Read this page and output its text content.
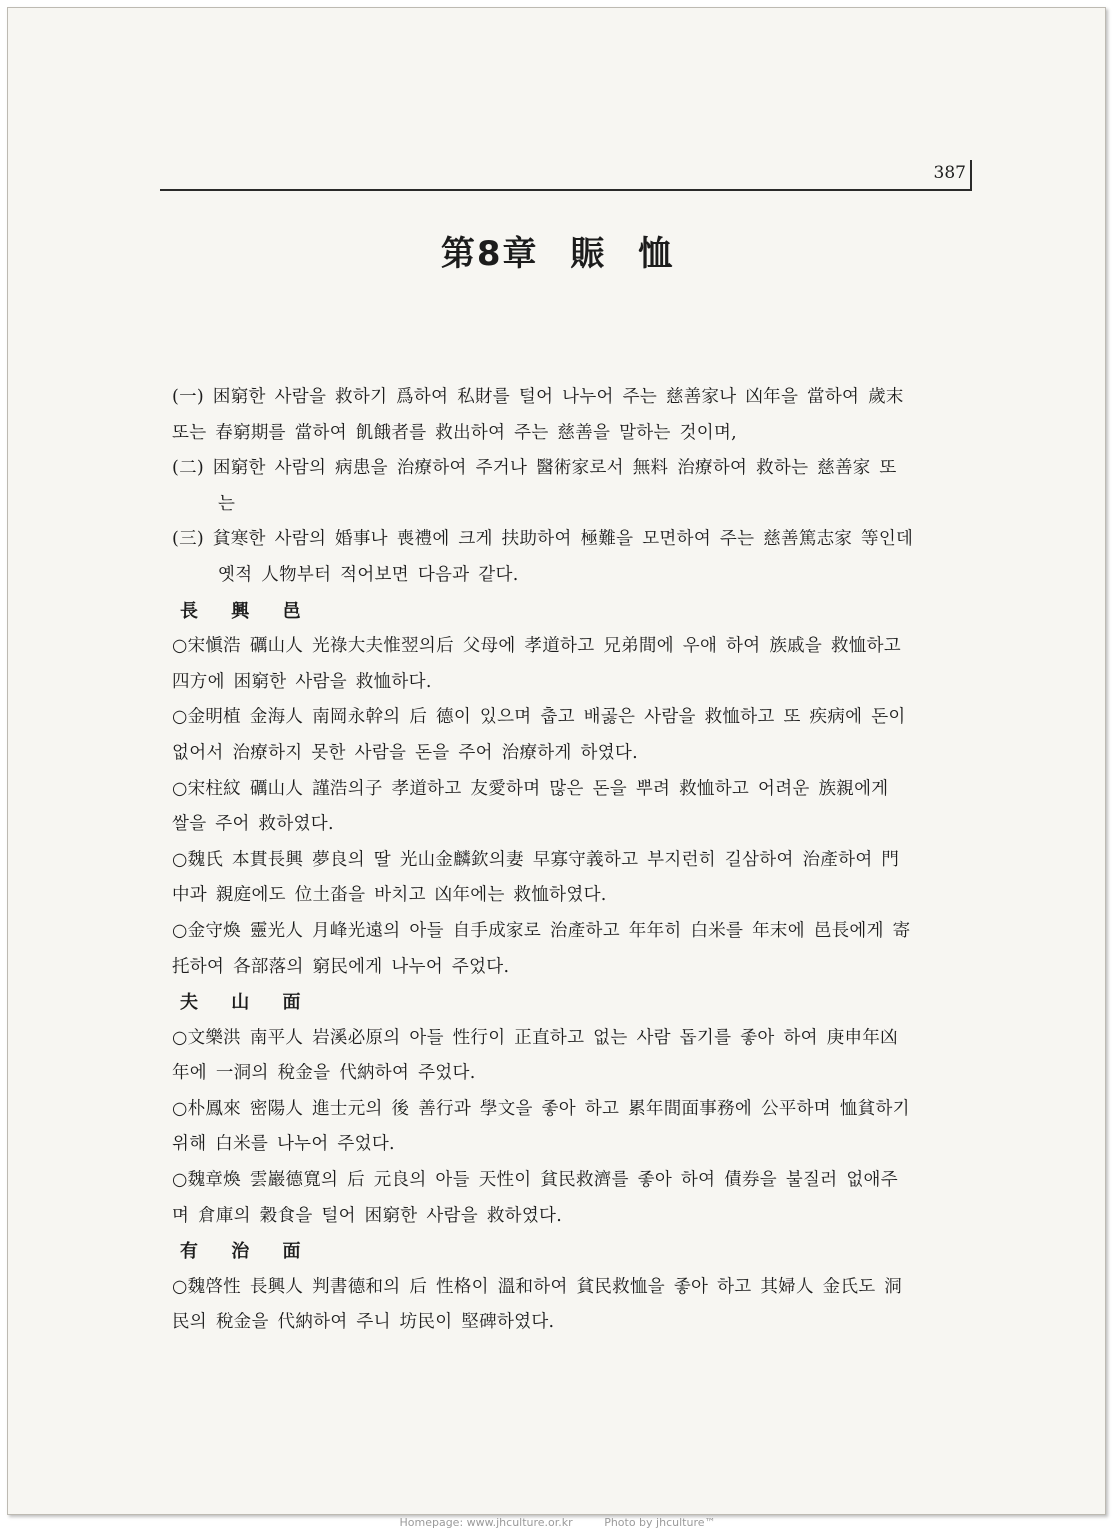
387
第8章 賑 恤
(一) 困窮한 사람을 救하기 爲하여 私財를 털어 나누어 주는 慈善家나 凶年을 當하여 歲末
또는 春窮期를 當하여 飢餓者를 救出하여 주는 慈善을 말하는 것이며,
(二) 困窮한 사람의 病患을 治療하여 주거나 醫術家로서 無料 治療하여 救하는 慈善家 또
는
(三) 貧寒한 사람의 婚事나 喪禮에 크게 扶助하여 極難을 모면하여 주는 慈善篤志家 等인데
옛적 人物부터 적어보면 다음과 같다.
長 興 邑
○宋愼浩 礪山人 光祿大夫惟翌의后 父母에 孝道하고 兄弟間에 우애 하여 族戚을 救恤하고
四方에 困窮한 사람을 救恤하다.
○金明植 金海人 南岡永幹의 后 德이 있으며 춥고 배곯은 사람을 救恤하고 또 疾病에 돈이
없어서 治療하지 못한 사람을 돈을 주어 治療하게 하였다.
○宋柱紋 礪山人 謹浩의子 孝道하고 友愛하며 많은 돈을 뿌려 救恤하고 어려운 族親에게
쌀을 주어 救하였다.
○魏氏 本貫長興 夢良의 딸 光山金麟欽의妻 早寡守義하고 부지런히 길삼하여 治產하여 門
中과 親庭에도 位土畓을 바치고 凶年에는 救恤하였다.
○金守煥 靈光人 月峰光遠의 아들 自手成家로 治產하고 年年히 白米를 年末에 邑長에게 寄
托하여 各部落의 窮民에게 나누어 주었다.
夫 山 面
○文樂洪 南平人 岩溪必原의 아들 性行이 正直하고 없는 사람 돕기를 좋아 하여 庚申年凶
年에 一洞의 稅金을 代納하여 주었다.
○朴鳳來 密陽人 進士元의 後 善行과 學文을 좋아 하고 累年間面事務에 公平하며 恤貧하기
위해 白米를 나누어 주었다.
○魏章煥 雲巖德寬의 后 元良의 아들 天性이 貧民救濟를 좋아 하여 債券을 불질러 없애주
며 倉庫의 穀食을 털어 困窮한 사람을 救하였다.
有 治 面
○魏啓性 長興人 判書德和의 后 性格이 溫和하여 貧民救恤을 좋아 하고 其婦人 金氏도 洞
民의 稅金을 代納하여 주니 坊民이 堅碑하였다.
Homepage: www.jhculture.or.kr	Photo by jhculture™
